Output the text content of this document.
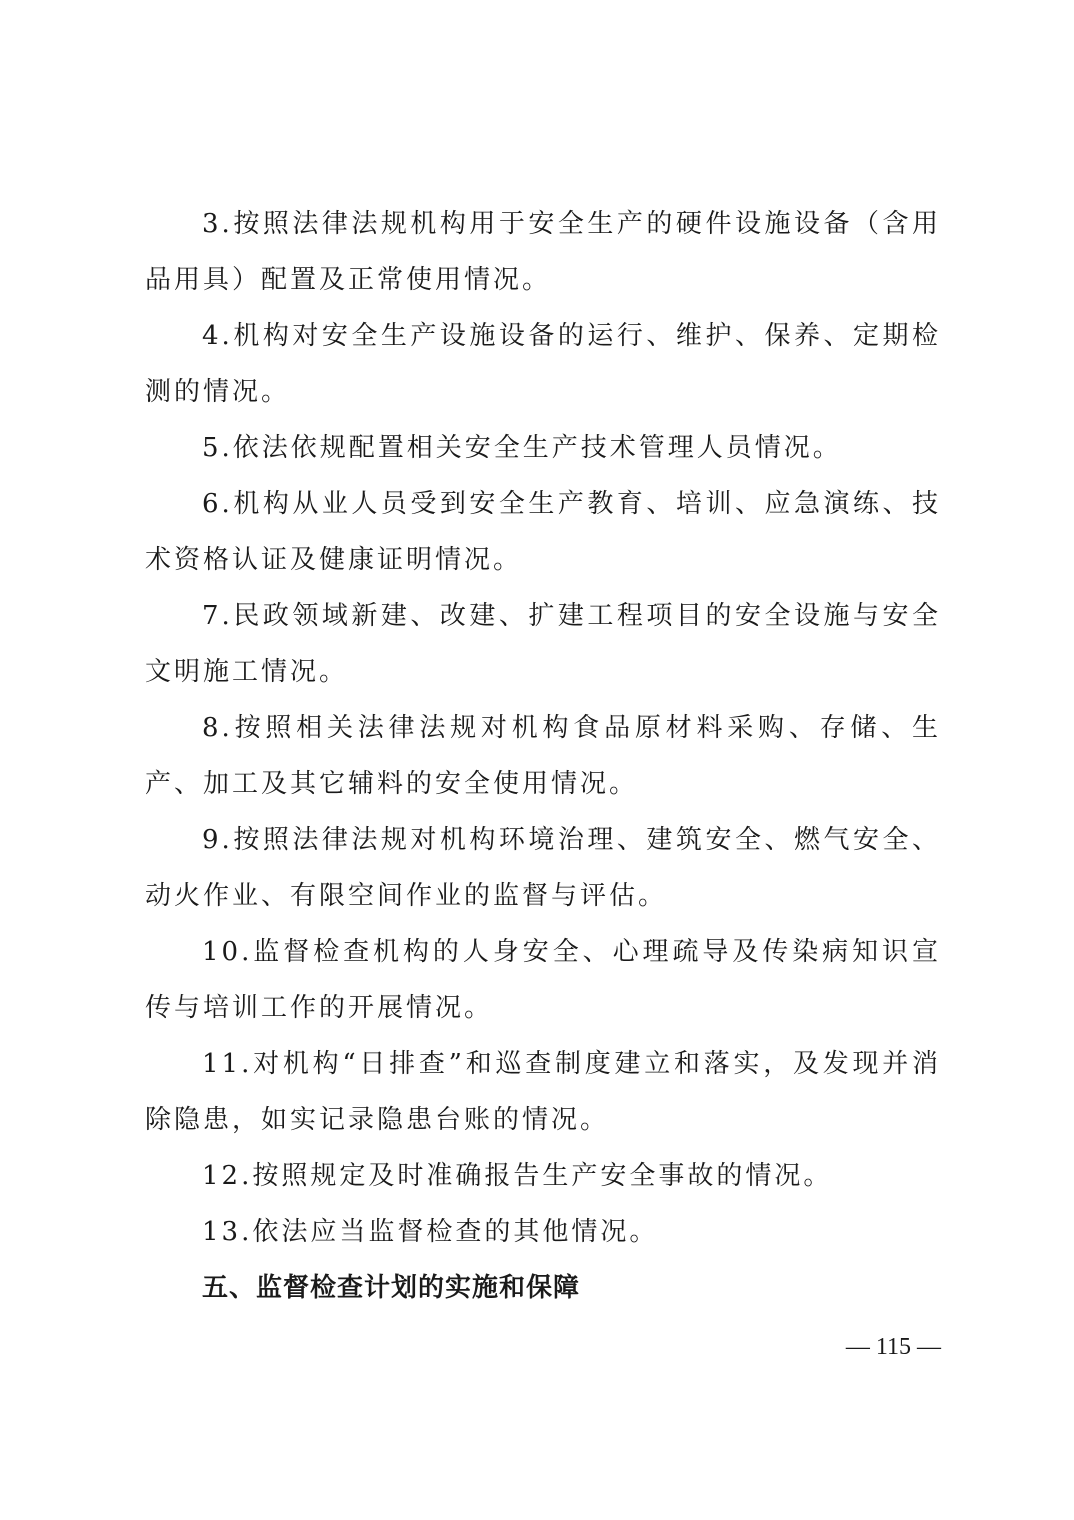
3.按照法律法规机构用于安全生产的硬件设施设备（含用品用具）配置及正常使用情况。

4.机构对安全生产设施设备的运行、维护、保养、定期检测的情况。

5.依法依规配置相关安全生产技术管理人员情况。

6.机构从业人员受到安全生产教育、培训、应急演练、技术资格认证及健康证明情况。

7.民政领域新建、改建、扩建工程项目的安全设施与安全文明施工情况。

8.按照相关法律法规对机构食品原材料采购、存储、生产、加工及其它辅料的安全使用情况。

9.按照法律法规对机构环境治理、建筑安全、燃气安全、动火作业、有限空间作业的监督与评估。

10.监督检查机构的人身安全、心理疏导及传染病知识宣传与培训工作的开展情况。

11.对机构“日排查”和巡查制度建立和落实，及发现并消除隐患，如实记录隐患台账的情况。

12.按照规定及时准确报告生产安全事故的情况。

13.依法应当监督检查的其他情况。

五、监督检查计划的实施和保障

— 115 —
